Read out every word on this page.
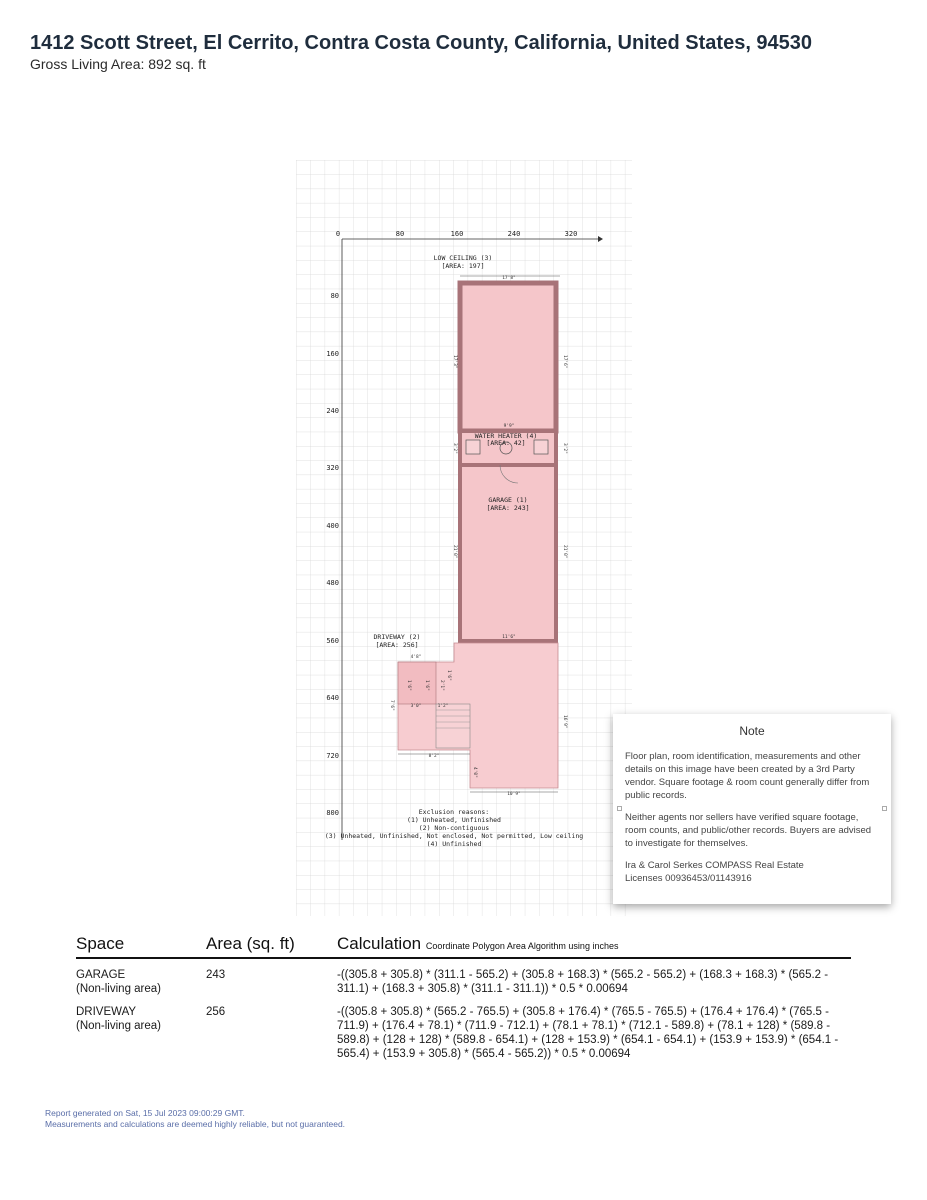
1412 Scott Street, El Cerrito, Contra Costa County, California, United States, 94530
Gross Living Area: 892 sq. ft
0	80	160	240	320
80
160
240
320
400
480
560
640
720
800
LOW CEILING (3)
[AREA: 197]
17'8"
17'3"	17'6"
WATER HEATER (4)
[AREA: 42]
9'9"
3'2"	3'2"
GARAGE (1)
[AREA: 243]
21'0"	21'0"
11'6"
DRIVEWAY (2)
[AREA: 256]
4'8"
1'6"	1'6" 2'1"
3'0"	1'2"
1'6"
7'6"
16'9"
8'2"
4'0"
10'9"
Exclusion reasons:
(1) Unheated, Unfinished
(2) Non-contiguous
(3) Unheated, Unfinished, Not enclosed, Not permitted, Low ceiling
(4) Unfinished
Note

Floor plan, room identification, measurements and other details on this image have been created by a 3rd Party vendor. Square footage & room count generally differ from public records.

Neither agents nor sellers have verified square footage, room counts, and public/other records. Buyers are advised to investigate for themselves.

Ira & Carol Serkes COMPASS Real Estate
Licenses 00936453/01143916

Space	Area (sq. ft)	Calculation Coordinate Polygon Area Algorithm using inches
GARAGE
(Non-living area)
243	-((305.8 + 305.8) * (311.1 - 565.2) + (305.8 + 168.3) * (565.2 - 565.2) + (168.3 + 168.3) * (565.2 - 311.1) + (168.3 + 305.8) * (311.1 - 311.1)) * 0.5 * 0.00694
DRIVEWAY
(Non-living area)
256	-((305.8 + 305.8) * (565.2 - 765.5) + (305.8 + 176.4) * (765.5 - 765.5) + (176.4 + 176.4) * (765.5 - 711.9) + (176.4 + 78.1) * (711.9 - 712.1) + (78.1 + 78.1) * (712.1 - 589.8) + (78.1 + 128) * (589.8 - 589.8) + (128 + 128) * (589.8 - 654.1) + (128 + 153.9) * (654.1 - 654.1) + (153.9 + 153.9) * (654.1 - 565.4) + (153.9 + 305.8) * (565.4 - 565.2)) * 0.5 * 0.00694
Report generated on Sat, 15 Jul 2023 09:00:29 GMT.
Measurements and calculations are deemed highly reliable, but not guaranteed.
